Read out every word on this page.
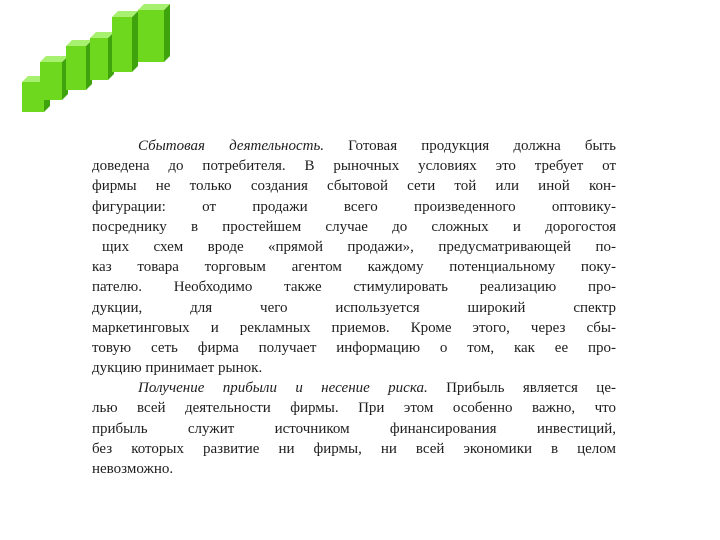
Сбытовая деятельность. Готовая продукция должна быть
доведена до потребителя. В рыночных условиях это требует от
фирмы не только создания сбытовой сети той или иной кон-
фигурации: от продажи всего произведенного оптовику-
посреднику в простейшем случае до сложных и дорогостоя
щих схем вроде «прямой продажи», предусматривающей по-
каз товара торговым агентом каждому потенциальному поку-
пателю. Необходимо также стимулировать реализацию про-
дукции, для чего используется широкий спектр
маркетинговых и рекламных приемов. Кроме этого, через сбы-
товую сеть фирма получает информацию о том, как ее про-
дукцию принимает рынок.
Получение прибыли и несение риска. Прибыль является це-
лью всей деятельности фирмы. При этом особенно важно, что
прибыль служит источником финансирования инвестиций,
без которых развитие ни фирмы, ни всей экономики в целом
невозможно.
